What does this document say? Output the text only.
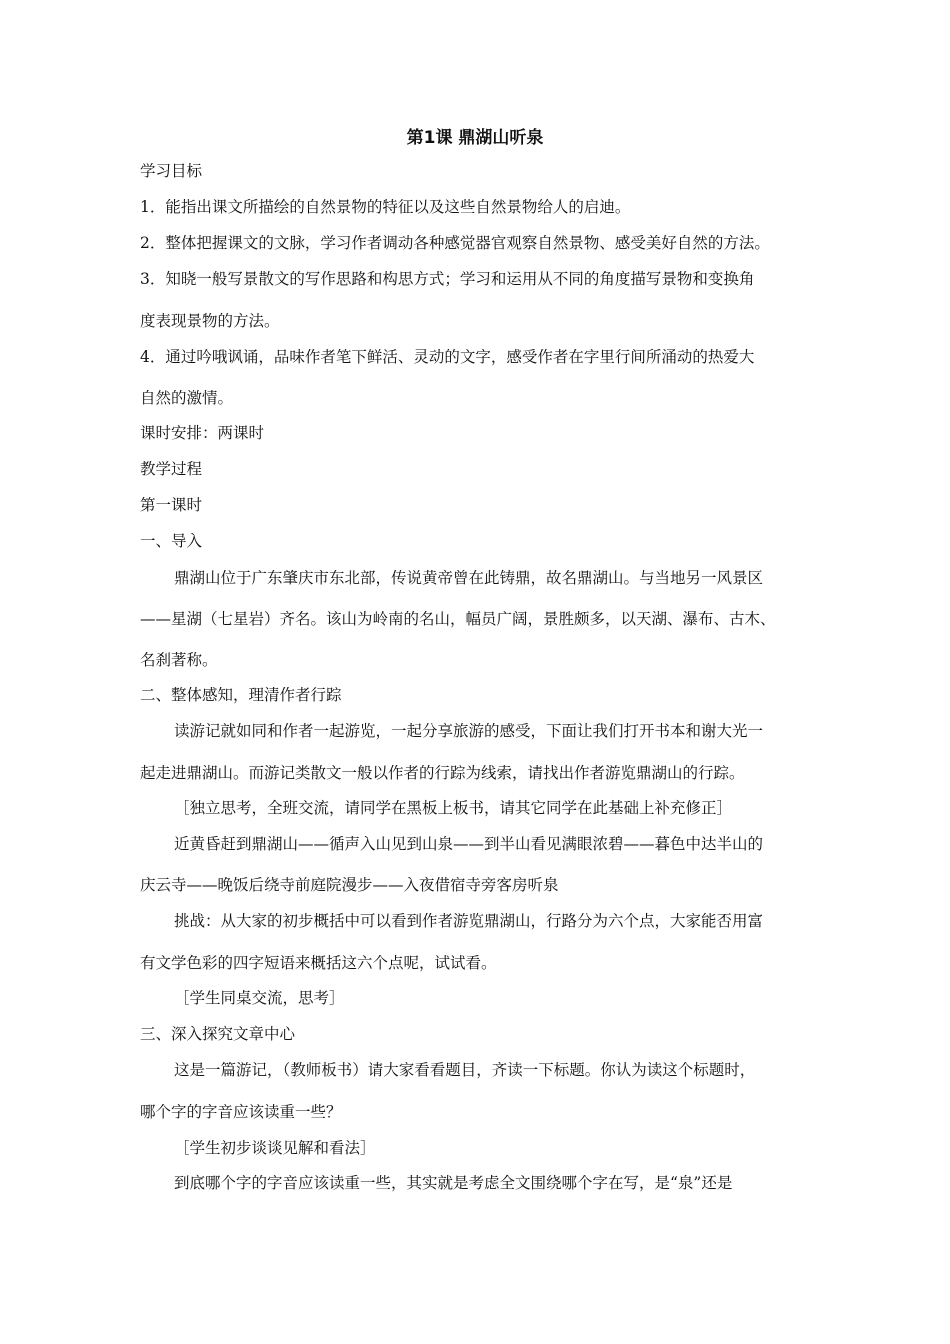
第1课 鼎湖山听泉
学习目标
1．能指出课文所描绘的自然景物的特征以及这些自然景物给人的启迪。
2．整体把握课文的文脉，学习作者调动各种感觉器官观察自然景物、感受美好自然的方法。
3．知晓一般写景散文的写作思路和构思方式；学习和运用从不同的角度描写景物和变换角
度表现景物的方法。
4．通过吟哦讽诵，品味作者笔下鲜活、灵动的文字，感受作者在字里行间所涌动的热爱大
自然的激情。
课时安排：两课时
教学过程
第一课时
一、导入
鼎湖山位于广东肇庆市东北部，传说黄帝曾在此铸鼎，故名鼎湖山。与当地另一风景区
——星湖（七星岩）齐名。该山为岭南的名山，幅员广阔，景胜颇多，以天湖、瀑布、古木、
名刹著称。
二、整体感知，理清作者行踪
读游记就如同和作者一起游览，一起分享旅游的感受，下面让我们打开书本和谢大光一
起走进鼎湖山。而游记类散文一般以作者的行踪为线索，请找出作者游览鼎湖山的行踪。
［独立思考，全班交流，请同学在黑板上板书，请其它同学在此基础上补充修正］
近黄昏赶到鼎湖山——循声入山见到山泉——到半山看见满眼浓碧——暮色中达半山的
庆云寺——晚饭后绕寺前庭院漫步——入夜借宿寺旁客房听泉
挑战：从大家的初步概括中可以看到作者游览鼎湖山，行路分为六个点，大家能否用富
有文学色彩的四字短语来概括这六个点呢，试试看。
［学生同桌交流，思考］
三、深入探究文章中心
这是一篇游记，（教师板书）请大家看看题目，齐读一下标题。你认为读这个标题时，
哪个字的字音应该读重一些？
［学生初步谈谈见解和看法］
到底哪个字的字音应该读重一些，其实就是考虑全文围绕哪个字在写，是“泉”还是
